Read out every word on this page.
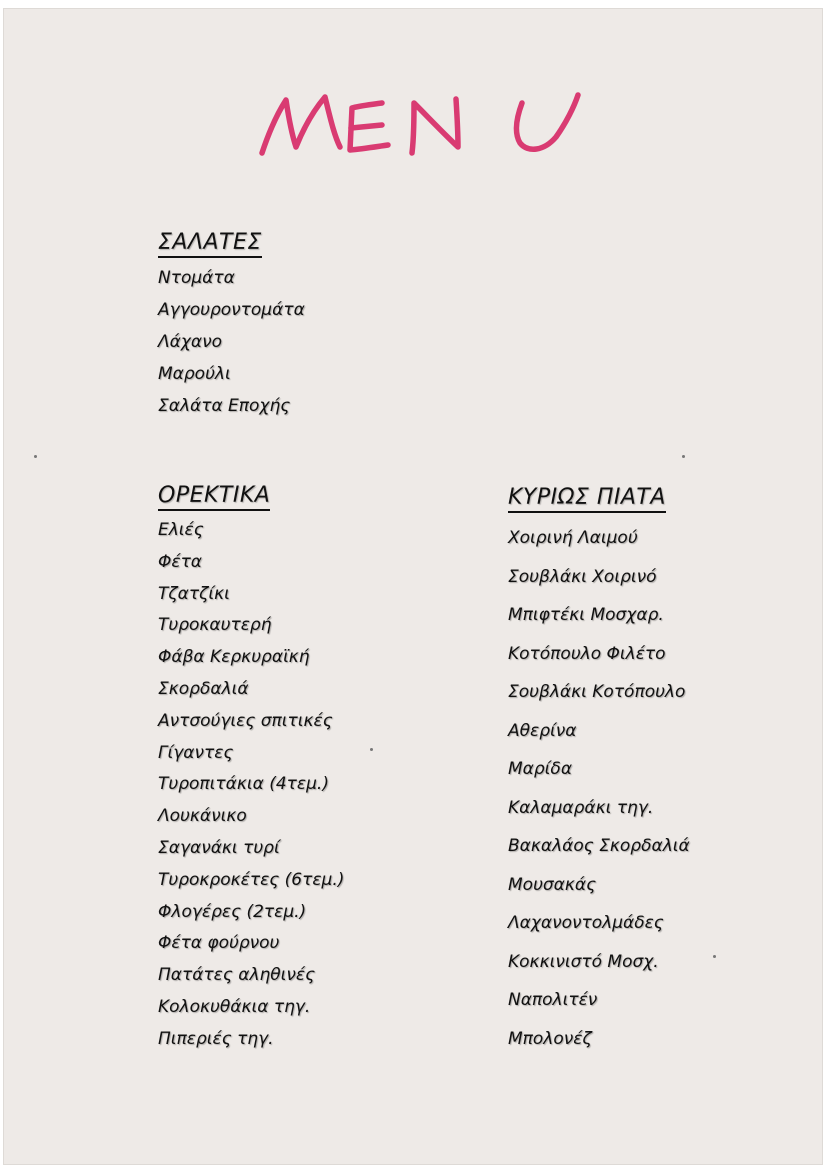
ΣΑΛΑΤΕΣ
Ντομάτα
Αγγουροντομάτα
Λάχανο
Μαρούλι
Σαλάτα Εποχής
ΟΡΕΚΤΙΚΑ
Ελιές
Φέτα
Τζατζίκι
Τυροκαυτερή
Φάβα Κερκυραϊκή
Σκορδαλιά
Αντσούγιες σπιτικές
Γίγαντες
Τυροπιτάκια (4τεμ.)
Λουκάνικο
Σαγανάκι τυρί
Τυροκροκέτες (6τεμ.)
Φλογέρες (2τεμ.)
Φέτα φούρνου
Πατάτες αληθινές
Κολοκυθάκια τηγ.
Πιπεριές τηγ.
ΚΥΡΙΩΣ ΠΙΑΤΑ
Χοιρινή Λαιμού
Σουβλάκι Χοιρινό
Μπιφτέκι Μοσχαρ.
Κοτόπουλο Φιλέτο
Σουβλάκι Κοτόπουλο
Αθερίνα
Μαρίδα
Καλαμαράκι τηγ.
Βακαλάος Σκορδαλιά
Μουσακάς
Λαχανοντολμάδες
Κοκκινιστό Μοσχ.
Ναπολιτέν
Μπολονέζ
